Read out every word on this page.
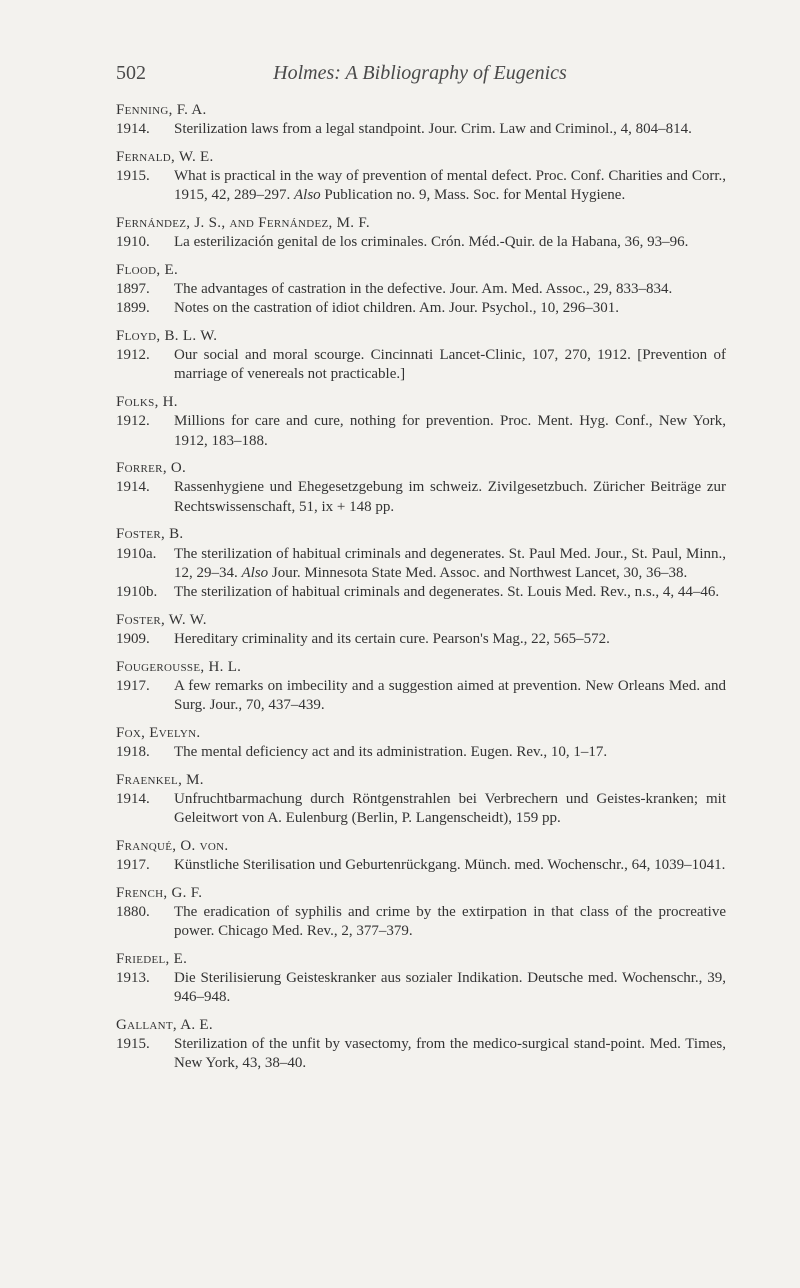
502	Holmes: A Bibliography of Eugenics
Fenning, F. A.
1914. Sterilization laws from a legal standpoint. Jour. Crim. Law and Criminol., 4, 804–814.
Fernald, W. E.
1915. What is practical in the way of prevention of mental defect. Proc. Conf. Charities and Corr., 1915, 42, 289–297. Also Publication no. 9, Mass. Soc. for Mental Hygiene.
Fernández, J. S., and Fernández, M. F.
1910. La esterilización genital de los criminales. Crón. Méd.-Quir. de la Habana, 36, 93–96.
Flood, E.
1897. The advantages of castration in the defective. Jour. Am. Med. Assoc., 29, 833–834.
1899. Notes on the castration of idiot children. Am. Jour. Psychol., 10, 296–301.
Floyd, B. L. W.
1912. Our social and moral scourge. Cincinnati Lancet-Clinic, 107, 270, 1912. [Prevention of marriage of venereals not practicable.]
Folks, H.
1912. Millions for care and cure, nothing for prevention. Proc. Ment. Hyg. Conf., New York, 1912, 183–188.
Forrer, O.
1914. Rassenhygiene und Ehegesetzgebung im schweiz. Zivilgesetzbuch. Züricher Beiträge zur Rechtswissenschaft, 51, ix + 148 pp.
Foster, B.
1910a. The sterilization of habitual criminals and degenerates. St. Paul Med. Jour., St. Paul, Minn., 12, 29–34. Also Jour. Minnesota State Med. Assoc. and Northwest Lancet, 30, 36–38.
1910b. The sterilization of habitual criminals and degenerates. St. Louis Med. Rev., n.s., 4, 44–46.
Foster, W. W.
1909. Hereditary criminality and its certain cure. Pearson's Mag., 22, 565–572.
Fougerousse, H. L.
1917. A few remarks on imbecility and a suggestion aimed at prevention. New Orleans Med. and Surg. Jour., 70, 437–439.
Fox, Evelyn.
1918. The mental deficiency act and its administration. Eugen. Rev., 10, 1–17.
Fraenkel, M.
1914. Unfruchtbarmachung durch Röntgenstrahlen bei Verbrechern und Geistes-kranken; mit Geleitwort von A. Eulenburg (Berlin, P. Langenscheidt), 159 pp.
Franqué, O. von.
1917. Künstliche Sterilisation und Geburtenrückgang. Münch. med. Wochenschr., 64, 1039–1041.
French, G. F.
1880. The eradication of syphilis and crime by the extirpation in that class of the procreative power. Chicago Med. Rev., 2, 377–379.
Friedel, E.
1913. Die Sterilisierung Geisteskranker aus sozialer Indikation. Deutsche med. Wochenschr., 39, 946–948.
Gallant, A. E.
1915. Sterilization of the unfit by vasectomy, from the medico-surgical stand-point. Med. Times, New York, 43, 38–40.
